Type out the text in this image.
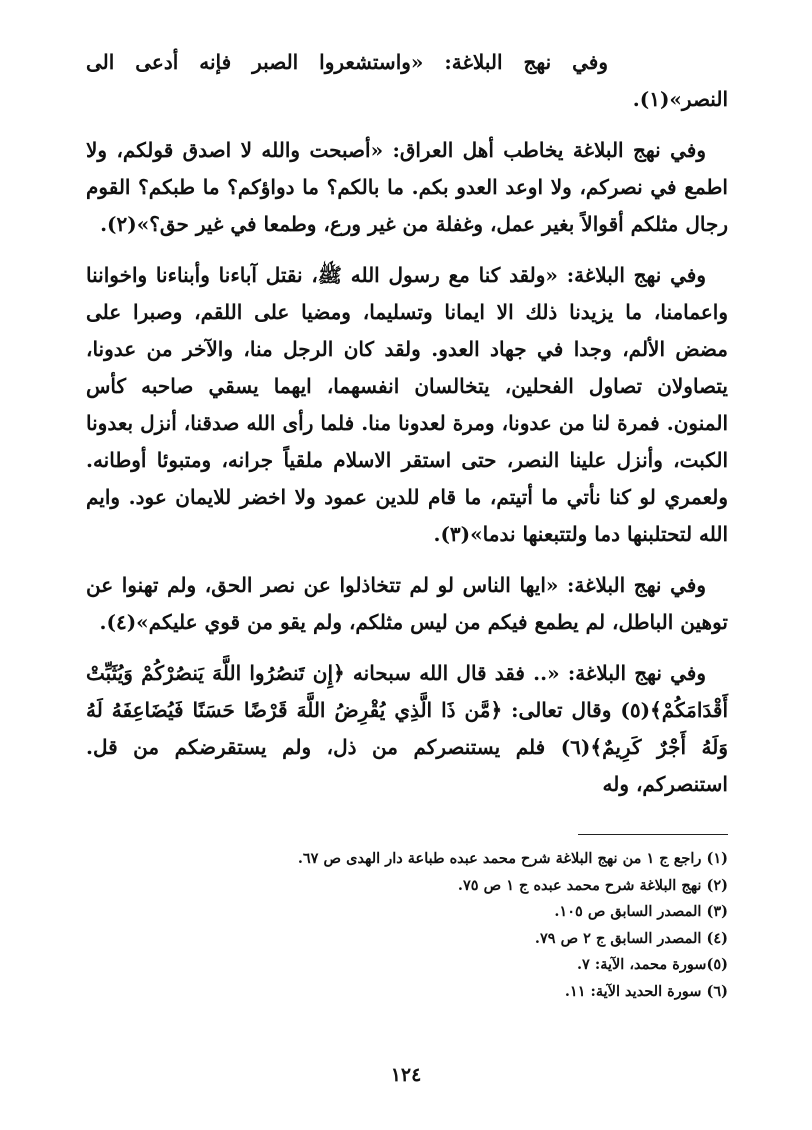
وفي نهج البلاغة: «واستشعروا الصبر فإنه أدعى الى النصر»(١).

وفي نهج البلاغة يخاطب أهل العراق: «أصبحت والله لا اصدق قولكم، ولا اطمع في نصركم، ولا اوعد العدو بكم. ما بالكم؟ ما دواؤكم؟ ما طبكم؟ القوم رجال مثلكم أقوالاً بغير عمل، وغفلة من غير ورع، وطمعا في غير حق؟»(٢).

وفي نهج البلاغة: «ولقد كنا مع رسول الله ﷺ، نقتل آباءنا وأبناءنا واخواننا واعمامنا، ما يزيدنا ذلك الا ايمانا وتسليما، ومضيا على اللقم، وصبرا على مضض الألم، وجدا في جهاد العدو. ولقد كان الرجل منا، والآخر من عدونا، يتصاولان تصاول الفحلين، يتخالسان انفسهما، ايهما يسقي صاحبه كأس المنون. فمرة لنا من عدونا، ومرة لعدونا منا. فلما رأى الله صدقنا، أنزل بعدونا الكبت، وأنزل علينا النصر، حتى استقر الاسلام ملقياً جرانه، ومتبوئا أوطانه. ولعمري لو كنا نأتي ما أتيتم، ما قام للدين عمود ولا اخضر للايمان عود. وايم الله لتحتلبنها دما ولتتبعنها ندما»(٣).

وفي نهج البلاغة: «ايها الناس لو لم تتخاذلوا عن نصر الحق، ولم تهنوا عن توهين الباطل، لم يطمع فيكم من ليس مثلكم، ولم يقو من قوي عليكم»(٤).

وفي نهج البلاغة: «.. فقد قال الله سبحانه ﴿إِن تَنصُرُوا اللَّهَ يَنصُرْكُمْ وَيُثَبِّتْ أَقْدَامَكُمْ﴾(٥) وقال تعالى: ﴿مَّن ذَا الَّذِي يُقْرِضُ اللَّهَ قَرْضًا حَسَنًا فَيُضَاعِفَهُ لَهُ وَلَهُ أَجْرٌ كَرِيمٌ﴾(٦) فلم يستنصركم من ذل، ولم يستقرضكم من قل. استنصركم، وله

(١) راجع ج ١ من نهج البلاغة شرح محمد عبده طباعة دار الهدى ص ٦٧.
(٢) نهج البلاغة شرح محمد عبده ج ١ ص ٧٥.
(٣) المصدر السابق ص ١٠٥.
(٤) المصدر السابق ج ٢ ص ٧٩.
(٥)سورة محمد، الآية: ٧.
(٦) سورة الحديد الآية: ١١.
١٢٤
